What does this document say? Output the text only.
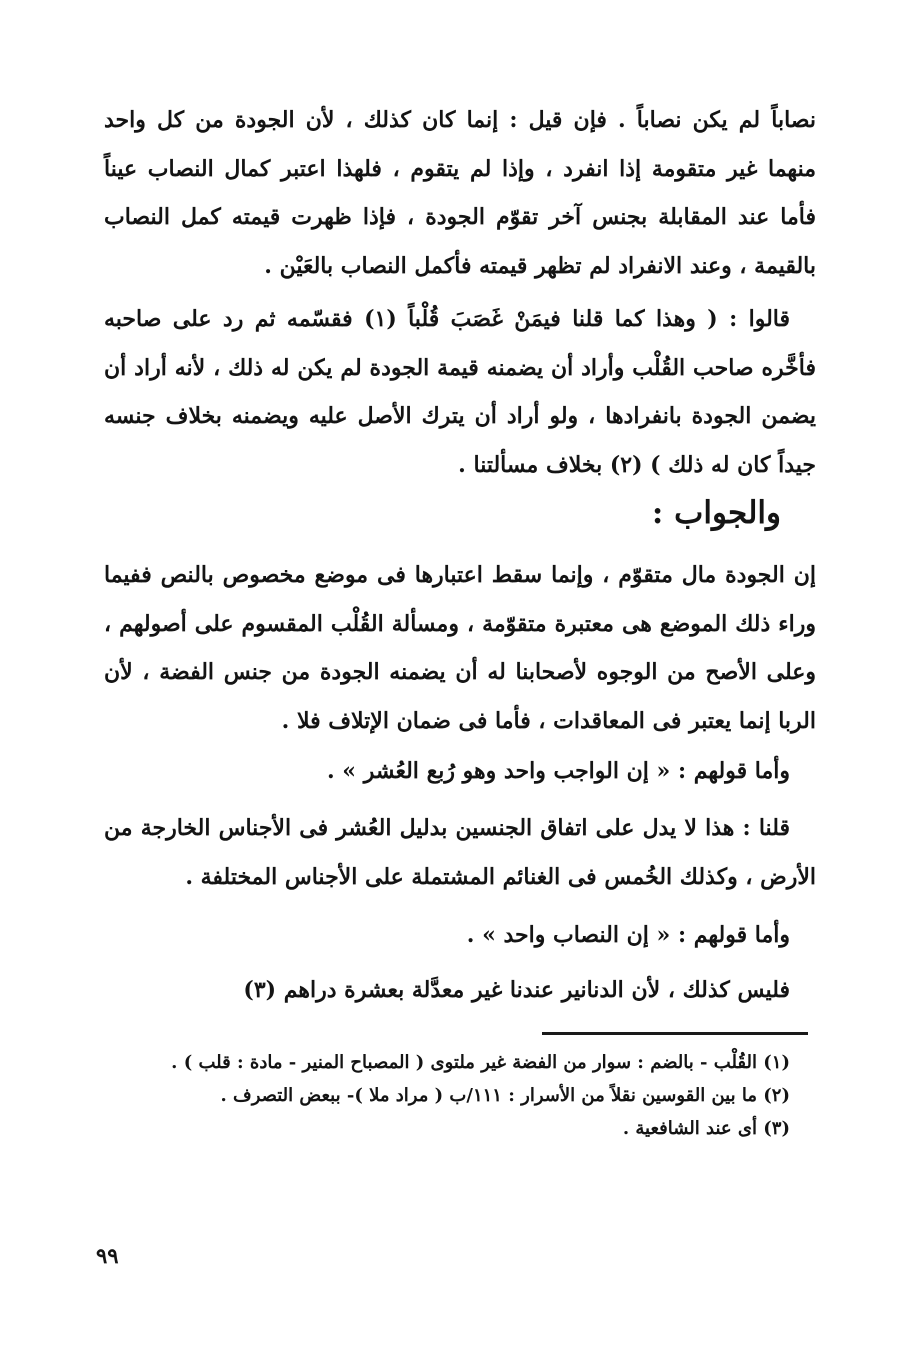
نصاباً لم يكن نصاباً . فإن قيل : إنما كان كذلك ، لأن الجودة من كل واحد منهما غير متقومة إذا انفرد ، وإذا لم يتقوم ، فلهذا اعتبر كمال النصاب عيناً فأما عند المقابلة بجنس آخر تقوّم الجودة ، فإذا ظهرت قيمته كمل النصاب بالقيمة ، وعند الانفراد لم تظهر قيمته فأكمل النصاب بالعَيْن .
قالوا : ( وهذا كما قلنا فيمَنْ غَصَبَ قُلْباً (١) فقسّمه ثم رد على صاحبه فأخَّره صاحب القُلْب وأراد أن يضمنه قيمة الجودة لم يكن له ذلك ، لأنه أراد أن يضمن الجودة بانفرادها ، ولو أراد أن يترك الأصل عليه ويضمنه بخلاف جنسه جيداً كان له ذلك ) (٢) بخلاف مسألتنا .
والجواب :
إن الجودة مال متقوّم ، وإنما سقط اعتبارها فى موضع مخصوص بالنص ففيما وراء ذلك الموضع هى معتبرة متقوّمة ، ومسألة القُلْب المقسوم على أصولهم ، وعلى الأصح من الوجوه لأصحابنا له أن يضمنه الجودة من جنس الفضة ، لأن الربا إنما يعتبر فى المعاقدات ، فأما فى ضمان الإتلاف فلا .
وأما قولهم : « إن الواجب واحد وهو رُبع العُشر » .
قلنا : هذا لا يدل على اتفاق الجنسين بدليل العُشر فى الأجناس الخارجة من الأرض ، وكذلك الخُمس فى الغنائم المشتملة على الأجناس المختلفة .
وأما قولهم : « إن النصاب واحد » .
فليس كذلك ، لأن الدنانير عندنا غير معدَّلة بعشرة دراهم (٣)
(١) القُلْب - بالضم : سوار من الفضة غير ملتوى ( المصباح المنير - مادة : قلب ) .
(٢) ما بين القوسين نقلاً من الأسرار : ١١١/ب ( مراد ملا )- ببعض التصرف .
(٣) أى عند الشافعية .
٩٩
